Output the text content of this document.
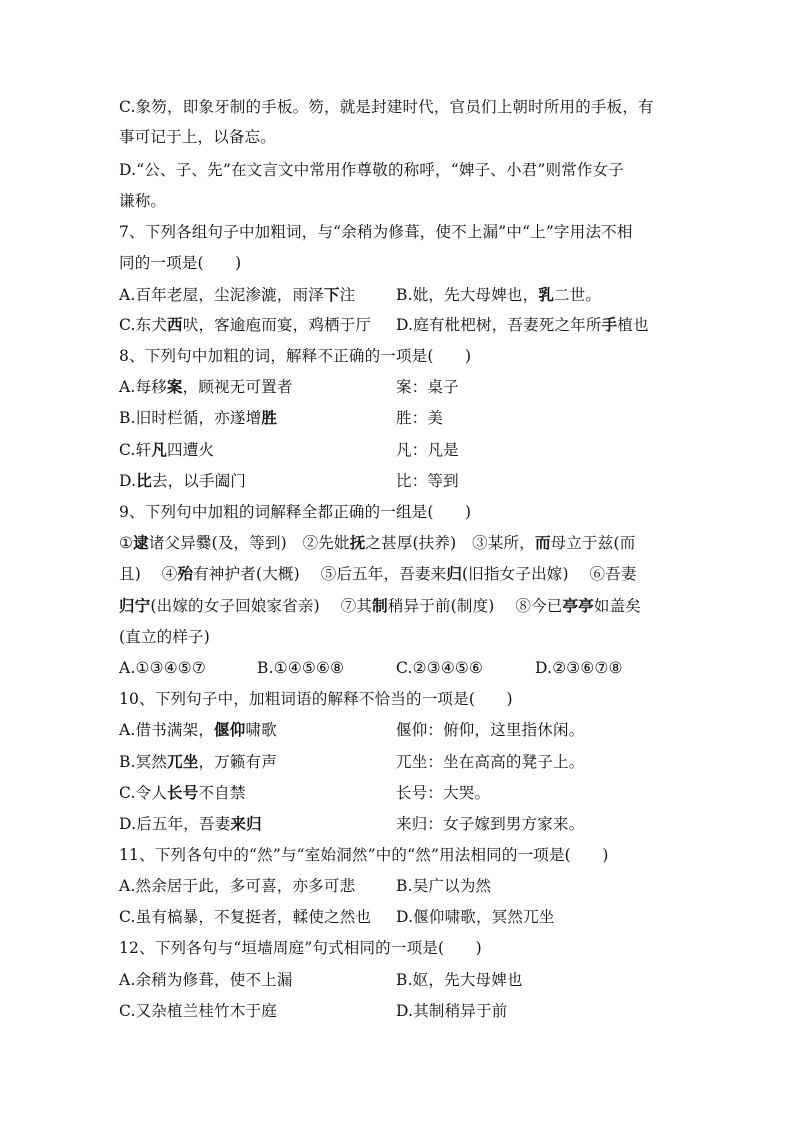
C.象笏，即象牙制的手板。笏，就是封建时代，官员们上朝时所用的手板，有
事可记于上，以备忘。
D.“公、子、先”在文言文中常用作尊敬的称呼，“婢子、小君”则常作女子
谦称。
7、下列各组句子中加粗词，与“余稍为修葺，使不上漏”中“上”字用法不相
同的一项是(　　)
A.百年老屋，尘泥渗漉，雨泽下注	B.妣，先大母婢也，乳二世。
C.东犬西吠，客逾庖而宴，鸡栖于厅 D.庭有枇杷树，吾妻死之年所手植也
8、下列句中加粗的词，解释不正确的一项是(　　)
A.每移案，顾视无可置者	案：桌子
B.旧时栏循，亦遂增胜	胜：美
C.轩凡四遭火	凡：凡是
D.比去，以手阖门	比：等到
9、下列句中加粗的词解释全都正确的一组是(　　)
①逮诸父异爨(及，等到)　②先妣抚之甚厚(扶养)　③某所，而母立于兹(而
且)　 ④殆有神护者(大概)　 ⑤后五年，吾妻来归(旧指女子出嫁)　 ⑥吾妻
归宁(出嫁的女子回娘家省亲)　 ⑦其制稍异于前(制度)　 ⑧今已亭亭如盖矣
(直立的样子)
A.①③④⑤⑦	B.①④⑤⑥⑧	C.②③④⑤⑥	D.②③⑥⑦⑧
10、下列句子中，加粗词语的解释不恰当的一项是(　　)
A.借书满架，偃仰啸歌	偃仰：俯仰，这里指休闲。
B.冥然兀坐，万籁有声	兀坐：坐在高高的凳子上。
C.令人长号不自禁	长号：大哭。
D.后五年，吾妻来归	来归：女子嫁到男方家来。
11、下列各句中的“然”与“室始洞然”中的“然”用法相同的一项是(　　)
A.然余居于此，多可喜，亦多可悲	B.吴广以为然
C.虽有槁暴，不复挺者，輮使之然也 D.偃仰啸歌，冥然兀坐
12、下列各句与“垣墙周庭”句式相同的一项是(　　)
A.余稍为修葺，使不上漏	B.妪，先大母婢也
C.又杂植兰桂竹木于庭	D.其制稍异于前
